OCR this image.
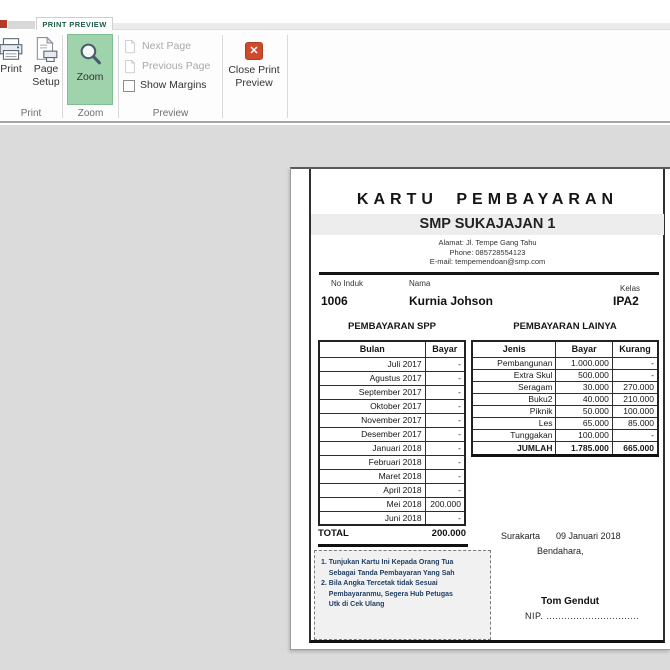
PRINT PREVIEW
Print	Page Setup	Zoom
Next Page
Previous Page
Show Margins
✕
Close Print Preview
Print	Zoom	Preview
KARTU PEMBAYARAN
SMP SUKAJAJAN 1
Alamat: Jl. Tempe Gang Tahu
Phone: 085728554123
E-mail: tempemendoan@smp.com
No Induk	Nama
Kelas
1006	Kurnia Johson	IPA2
PEMBAYARAN SPP	PEMBAYARAN LAINYA
Bulan	Bayar
Juli 2017	-
Agustus 2017	-
September 2017	-
Oktober 2017	-
November 2017	-
Desember 2017	-
Januari 2018	-
Februari 2018	-
Maret 2018	-
April 2018	-
Mei 2018	200.000
Juni 2018	-
TOTAL	200.000
Jenis	Bayar	Kurang
Pembangunan	1.000.000	-
Extra Skul	500.000	-
Seragam	30.000	270.000
Buku2	40.000	210.000
Piknik	50.000	100.000
Les	65.000	85.000
Tunggakan	100.000	-
JUMLAH	1.785.000	665.000
1. Tunjukan Kartu Ini Kepada Orang Tua
Sebagai Tanda Pembayaran Yang Sah
2. Bila Angka Tercetak tidak Sesuai
Pembayaranmu, Segera Hub Petugas
Utk di Cek Ulang
Surakarta 09 Januari 2018
Bendahara,
Tom Gendut
NIP. ...............................
